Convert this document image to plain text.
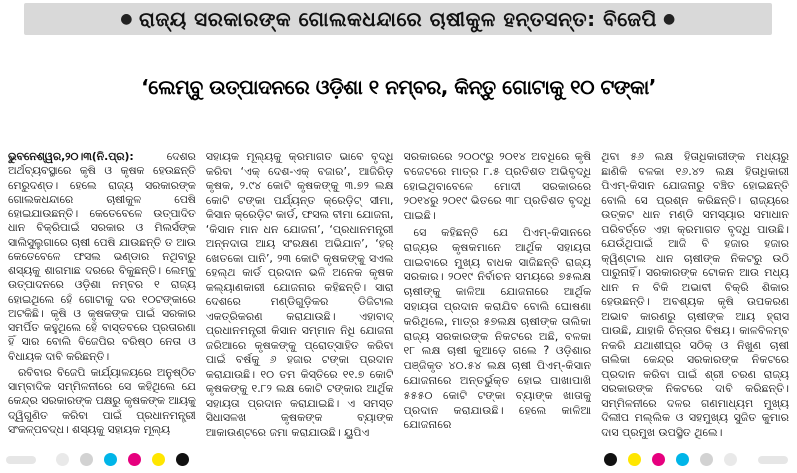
● ରାଜ୍ୟ ସରକାରଙ୍କ ଗୋଲକଧନ୍ଦାରେ ଚାଷୀକୁଳ ହନ୍ତସନ୍ତ: ବିଜେପି ●
‘ଲେମ୍ବୁ ଉତ୍ପାଦନରେ ଓଡ଼ିଶା ୧ ନମ୍ବର, କିନ୍ତୁ ଗୋଟାକୁ ୧୦ ଟଙ୍କା’

ଭୁବନେଶ୍ୱର,୨୦।୩(ନି.ପ୍ର):	ଦେଶର ଅର୍ଥବ୍ୟବସ୍ଥାରେ କୃଷି ଓ କୃଷକ ହେଉଛନ୍ତି ମେରୁଦଣ୍ଡ। ହେଲେ ରାଜ୍ୟ ସରକାରଙ୍କ ଗୋଲକଧନ୍ଦାରେ ଚାଷୀକୁଳ ପେଷି ହୋଇଯାଉଛନ୍ତି। କେତେବେଳେ ଉତ୍ପାଦିତ ଧାନ ବିକ୍ରିପାଇଁ ସରକାର ଓ ମିଲର୍ସଙ୍କ ସାଲିସୁଲୁଗାରେ ଚାଷୀ ପେଷି ଯାଉଛନ୍ତି ତ ଆଉ କେତେବେଳେ ଫସଲ ଭଣ୍ଡାର ନଥିବାରୁ ଶସ୍ୟକୁ ଶାଗମାଛ ଦରରେ ବିକୁଛନ୍ତି। ଲେମ୍ବୁ ଉତ୍ପାଦନରେ ଓଡ଼ିଶା ନମ୍ବର ୧ ରାଜ୍ୟ ହୋଇଥିଲେ ହେଁ ଗୋଟାକୁ ଦର ୧୦ଟଙ୍କାରେ ଅଟକିଛି। କୃଷି ଓ କୃଷକଙ୍କ ପାଇଁ ସରକାର ସମର୍ପିତ କହୁଥିଲେ ହେଁ ବାସ୍ତବରେ ପ୍ରତାରଣା ହିଁ ସାର ବୋଲି ବିଜେପିର ବରିଷ୍ଠ ନେତା ଓ ବିଧାୟକ ଦାବି କରିଛନ୍ତି।

ରବିବାର ବିଜେପି କାର୍ଯ୍ୟାଳୟରେ ଅନୁଷ୍ଠିତ ସାମ୍ବାଦିକ ସମ୍ମିଳନୀରେ ସେ କହିଥିଲେ ଯେ କେନ୍ଦ୍ର ସରକାରଙ୍କ ପକ୍ଷରୁ କୃଷକଙ୍କ ଆୟକୁ ଦ୍ୱିଗୁଣିତ କରିବା ପାଇଁ ପ୍ରଧାନମନ୍ତ୍ରୀ ସଂକଳ୍ପବଦ୍ଧ। ଶସ୍ୟକୁ ସହାୟକ ମୂଲ୍ୟ

ସହାୟକ ମୂଲ୍ୟକୁ କ୍ରମାଗତ ଭାବେ ବୃଦ୍ଧି କରିବା ‘ଏକ୍ ଦେଶ-ଏକ୍ ବଜାର’, ଆଜିରିଡ଼ କୃଷକ, ୨.୯୪ କୋଟି କୃଷକଙ୍କୁ ୩.୭୨ ଲକ୍ଷ କୋଟି ଟଙ୍କା ପର୍ଯ୍ୟନ୍ତ କ୍ରେଡ଼ିଟ୍ ସୀମା, କିସାନ କ୍ରେଡ଼ିଟ କାର୍ଡ, ଫସଲ ବୀମା ଯୋଜନା, ‘କିସାନ ମାନ ଧନ ଯୋଜନା’, ‘ପ୍ରଧାନମନ୍ତ୍ରୀ ଅନ୍ନଦାତା ଆୟ ସଂରକ୍ଷଣ ଅଭିଯାନ’, ‘ହର୍ ଖେତକୋ ପାନି’, ୨୩ କୋଟି କୃଷକଙ୍କୁ ସଏଲ ହେଲ୍ଥ କାର୍ଡ ପ୍ରଦାନ ଭଳି ଅନେକ କୃଷକ କଲ୍ୟାଣକାରୀ ଯୋଜନାର କହିଛନ୍ତି। ସାରା ଦେଶରେ ମଣ୍ଡିଗୁଡ଼ିକର ଡିଜିଟାଲ ଏକତ୍ରିକରଣ କରାଯାଉଛି। ଏହାବାଦ୍ ପ୍ରଧାନମନ୍ତ୍ରୀ କିସାନ ସମ୍ମାନ ନିଧି ଯୋଜନା ଜରିଆରେ କୃଷକଙ୍କୁ ପ୍ରୋତ୍ସାହିତ କରିବା ପାଇଁ ବର୍ଷକୁ ୬ ହଜାର ଟଙ୍କା ପ୍ରଦାନ କରାଯାଉଛି। ୧୦ ତମ କିସ୍ତିରେ ୧୧.୭ କୋଟି କୃଷକଙ୍କୁ ୧.୮୨ ଲକ୍ଷ କୋଟି ଟଙ୍କାର ଆର୍ଥିକ ସହାୟତା ପ୍ରଦାନ କରାଯାଇଛି। ଏ ସମସ୍ତ ସିଧାସଳଖ କୃଷକଙ୍କ ବ୍ୟାଙ୍କ ଆକାଉଣ୍ଟରେ ଜମା କରାଯାଉଛି। ୟୁପିଏ

ସରକାରରେ ୨୦୦୯ରୁ ୨୦୧୪ ଅବଧିରେ କୃଷି ବଜେଟରେ ମାତ୍ର ୮.୫ ପ୍ରତିଶତ ଅଭିବୃଦ୍ଧି ହୋଇଥିବାବେଳେ ମୋଦୀ ସରକାରରେ ୨୦୧୪ରୁ ୨୦୧୯ ଭିତରେ ୩୮ ପ୍ରତିଶତ ବୃଦ୍ଧି ପାଇଛି।

ସେ କହିଛନ୍ତି ଯେ ପିଏମ୍-କିସାନରେ ରାଜ୍ୟର କୃଷକମାନେ ଆର୍ଥିକ ସହାୟତା ପାଇବାରେ ମୁଖ୍ୟ ବାଧକ ସାଜିଛନ୍ତି ରାଜ୍ୟ ସରକାର। ୨୦୧୯ ନିର୍ବାଚନ ସମୟରେ ୭୫ଲକ୍ଷ ଚାଷୀଙ୍କୁ କାଳିଆ ଯୋଜନାରେ ଆର୍ଥିକ ସହାୟତା ପ୍ରଦାନ କରାଯିବ ବୋଲି ଘୋଷଣା କରିଥିଲେ, ମାତ୍ର ୫୭ଲକ୍ଷ ଚାଷୀଙ୍କ ତାଲିକା ରାଜ୍ୟ ସରକାରଙ୍କ ନିକଟରେ ଅଛି, ବଳକା ୧୮ ଲକ୍ଷ ଚାଷୀ କୁଆଡ଼େ ଗଲେ ? ଓଡ଼ିଶାର ପଞ୍ଜିକୃତ ୪୦.୫୪ ଲକ୍ଷ ଚାଷୀ ପିଏମ୍-କିସାନ ଯୋଜନାରେ ଅନ୍ତର୍ଭୁକ୍ତ ହୋଇ ପାଖାପାଖି ୫୫୫୦ କୋଟି ଟଙ୍କା ବ୍ୟାଙ୍କ ଖାତାକୁ ପ୍ରଦାନ କରାଯାଉଛି। ହେଲେ କାଳିଆ ଯୋଜନାରେ

ଥିବା ୫୬ ଲକ୍ଷ ହିତାଧିକାରୀଙ୍କ ମଧ୍ୟରୁ ଛାଣିକି ବଳକା ୧୬.୪୨ ଲକ୍ଷ ହିତାଧିକାରୀ ପିଏମ୍-କିସାନ ଯୋଜନାରୁ ବଞ୍ଚିତ ହୋଇଛନ୍ତି ବୋଲି ସେ ପ୍ରଶ୍ନ କରିଛନ୍ତି। ରାଜ୍ୟରେ ଉତ୍କଟ ଧାନ ମଣ୍ଡି ସମସ୍ୟାର ସମାଧାନ ପରିବର୍ତ୍ତେ ଏହା କ୍ରମାଗତ ବୃଦ୍ଧି ପାଉଛି। ଯେଉଁଥିପାଇଁ ଆଜି ବି ହଜାର ହଜାର କ୍ୱିଣ୍ଟାଲ ଧାନ ଚାଷୀଙ୍କ ନିକଟରୁ ଉଠି ପାରୁନାହିଁ। ସରକାରଙ୍କ ଟୋକନ ଆଉ ମଧ୍ୟ ଧାନ ନ ବିକି ଅଭାବୀ ବିକ୍ରି ଶିକାର ହେଉଛନ୍ତି। ଅବଶ୍ୟକ କୃଷି ଉପକରଣ ଅଭାବ କାରଣରୁ ଚାଷୀଙ୍କ ଆୟ ହ୍ରାସ ପାଉଛି, ଯାହାକି ଚିନ୍ତାର ବିଷୟ। କାଳବିଳମ୍ବ ନକରି ଯଥାଶୀଘ୍ର ସଠିକ୍ ଓ ନିଖୁଣ ଚାଷୀ ତାଲିକା କେନ୍ଦ୍ର ସରକାରଙ୍କ ନିକଟରେ ପ୍ରଦାନ କରିବା ପାଇଁ ଶ୍ରୀ ଚରଣ ରାଜ୍ୟ ସରକାରଙ୍କ ନିକଟରେ ଦାବି କରିଛନ୍ତି। ସମ୍ମିଳନୀରେ ଦଳର ଗଣମାଧ୍ୟମ ମୁଖ୍ୟ ଦିଲୀପ ମଲ୍ଲିକ ଓ ସହମୁଖ୍ୟ ସୁଜିତ କୁମାର ଦାସ ପ୍ରମୁଖ ଉପସ୍ଥିତ ଥିଲେ।
